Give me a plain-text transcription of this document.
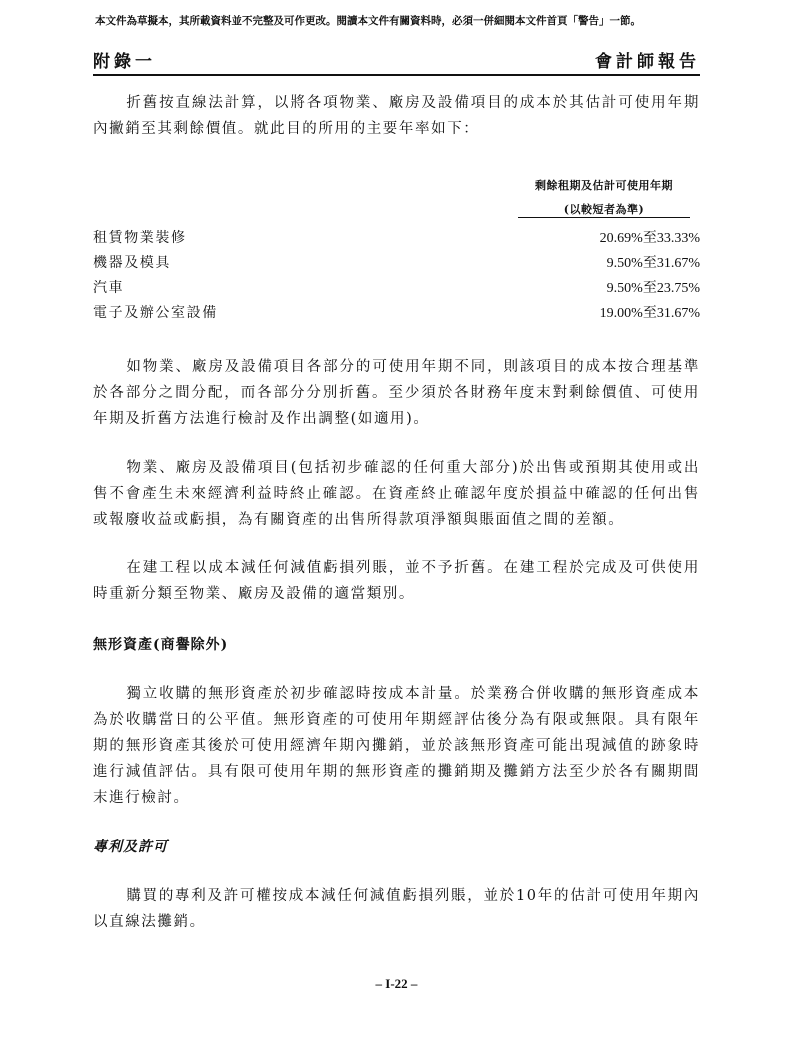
本文件為草擬本，其所載資料並不完整及可作更改。閱讀本文件有關資料時，必須一併細閱本文件首頁「警告」一節。
附錄一	會計師報告

折舊按直線法計算，以將各項物業、廠房及設備項目的成本於其估計可使用年期內撇銷至其剩餘價值。就此目的所用的主要年率如下：

剩餘租期及估計可使用年期
(以較短者為準)
租賃物業裝修	20.69%至33.33%
機器及模具	9.50%至31.67%
汽車	9.50%至23.75%
電子及辦公室設備	19.00%至31.67%

如物業、廠房及設備項目各部分的可使用年期不同，則該項目的成本按合理基準於各部分之間分配，而各部分分別折舊。至少須於各財務年度末對剩餘價值、可使用年期及折舊方法進行檢討及作出調整(如適用)。

物業、廠房及設備項目(包括初步確認的任何重大部分)於出售或預期其使用或出售不會產生未來經濟利益時終止確認。在資產終止確認年度於損益中確認的任何出售或報廢收益或虧損，為有關資產的出售所得款項淨額與賬面值之間的差額。

在建工程以成本減任何減值虧損列賬，並不予折舊。在建工程於完成及可供使用時重新分類至物業、廠房及設備的適當類別。

無形資產(商譽除外)

獨立收購的無形資產於初步確認時按成本計量。於業務合併收購的無形資產成本為於收購當日的公平值。無形資產的可使用年期經評估後分為有限或無限。具有限年期的無形資產其後於可使用經濟年期內攤銷，並於該無形資產可能出現減值的跡象時進行減值評估。具有限可使用年期的無形資產的攤銷期及攤銷方法至少於各有關期間末進行檢討。

專利及許可

購買的專利及許可權按成本減任何減值虧損列賬，並於10年的估計可使用年期內以直線法攤銷。

– I-22 –
